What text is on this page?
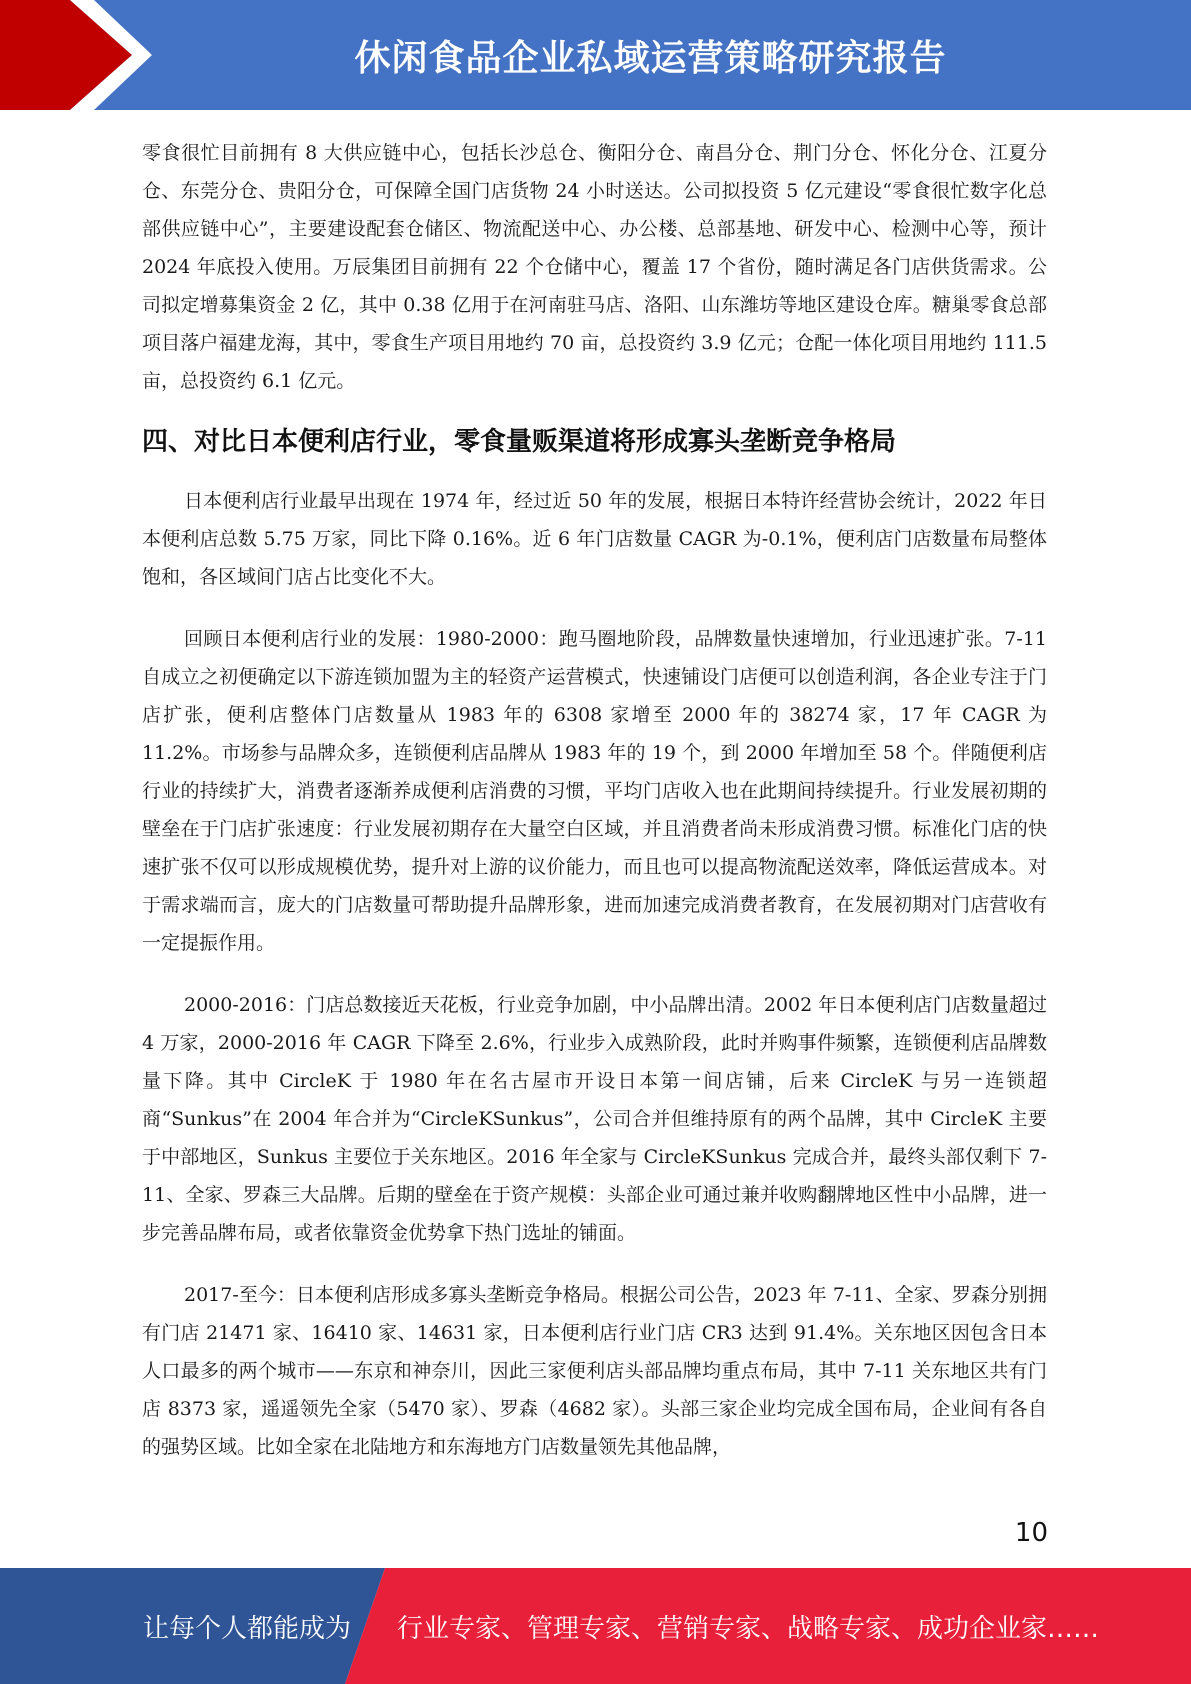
休闲食品企业私域运营策略研究报告

零食很忙目前拥有 8 大供应链中心，包括长沙总仓、衡阳分仓、南昌分仓、荆门分仓、怀化分仓、江夏分仓、东莞分仓、贵阳分仓，可保障全国门店货物 24 小时送达。公司拟投资 5 亿元建设“零食很忙数字化总部供应链中心”，主要建设配套仓储区、物流配送中心、办公楼、总部基地、研发中心、检测中心等，预计 2024 年底投入使用。万辰集团目前拥有 22 个仓储中心，覆盖 17 个省份，随时满足各门店供货需求。公司拟定增募集资金 2 亿，其中 0.38 亿用于在河南驻马店、洛阳、山东潍坊等地区建设仓库。糖巢零食总部项目落户福建龙海，其中，零食生产项目用地约 70 亩，总投资约 3.9 亿元；仓配一体化项目用地约 111.5 亩，总投资约 6.1 亿元。

四、对比日本便利店行业，零食量贩渠道将形成寡头垄断竞争格局

日本便利店行业最早出现在 1974 年，经过近 50 年的发展，根据日本特许经营协会统计，2022 年日本便利店总数 5.75 万家，同比下降 0.16%。近 6 年门店数量 CAGR 为-0.1%，便利店门店数量布局整体饱和，各区域间门店占比变化不大。

回顾日本便利店行业的发展：1980-2000：跑马圈地阶段，品牌数量快速增加，行业迅速扩张。7-11 自成立之初便确定以下游连锁加盟为主的轻资产运营模式，快速铺设门店便可以创造利润，各企业专注于门店扩张，便利店整体门店数量从 1983 年的 6308 家增至 2000 年的 38274 家，17 年 CAGR 为 11.2%。市场参与品牌众多，连锁便利店品牌从 1983 年的 19 个，到 2000 年增加至 58 个。伴随便利店行业的持续扩大，消费者逐渐养成便利店消费的习惯，平均门店收入也在此期间持续提升。行业发展初期的壁垒在于门店扩张速度：行业发展初期存在大量空白区域，并且消费者尚未形成消费习惯。标准化门店的快速扩张不仅可以形成规模优势，提升对上游的议价能力，而且也可以提高物流配送效率，降低运营成本。对于需求端而言，庞大的门店数量可帮助提升品牌形象，进而加速完成消费者教育，在发展初期对门店营收有一定提振作用。

2000-2016：门店总数接近天花板，行业竞争加剧，中小品牌出清。2002 年日本便利店门店数量超过 4 万家，2000-2016 年 CAGR 下降至 2.6%，行业步入成熟阶段，此时并购事件频繁，连锁便利店品牌数量下降。其中 CircleK 于 1980 年在名古屋市开设日本第一间店铺，后来 CircleK 与另一连锁超商“Sunkus”在 2004 年合并为“CircleKSunkus”，公司合并但维持原有的两个品牌，其中 CircleK 主要于中部地区，Sunkus 主要位于关东地区。2016 年全家与 CircleKSunkus 完成合并，最终头部仅剩下 7-11、全家、罗森三大品牌。后期的壁垒在于资产规模：头部企业可通过兼并收购翻牌地区性中小品牌，进一步完善品牌布局，或者依靠资金优势拿下热门选址的铺面。

2017-至今：日本便利店形成多寡头垄断竞争格局。根据公司公告，2023 年 7-11、全家、罗森分别拥有门店 21471 家、16410 家、14631 家，日本便利店行业门店 CR3 达到 91.4%。关东地区因包含日本人口最多的两个城市——东京和神奈川，因此三家便利店头部品牌均重点布局，其中 7-11 关东地区共有门店 8373 家，遥遥领先全家（5470 家）、罗森（4682 家）。头部三家企业均完成全国布局，企业间有各自的强势区域。比如全家在北陆地方和东海地方门店数量领先其他品牌，

10
让每个人都能成为 行业专家、管理专家、营销专家、战略专家、成功企业家……
